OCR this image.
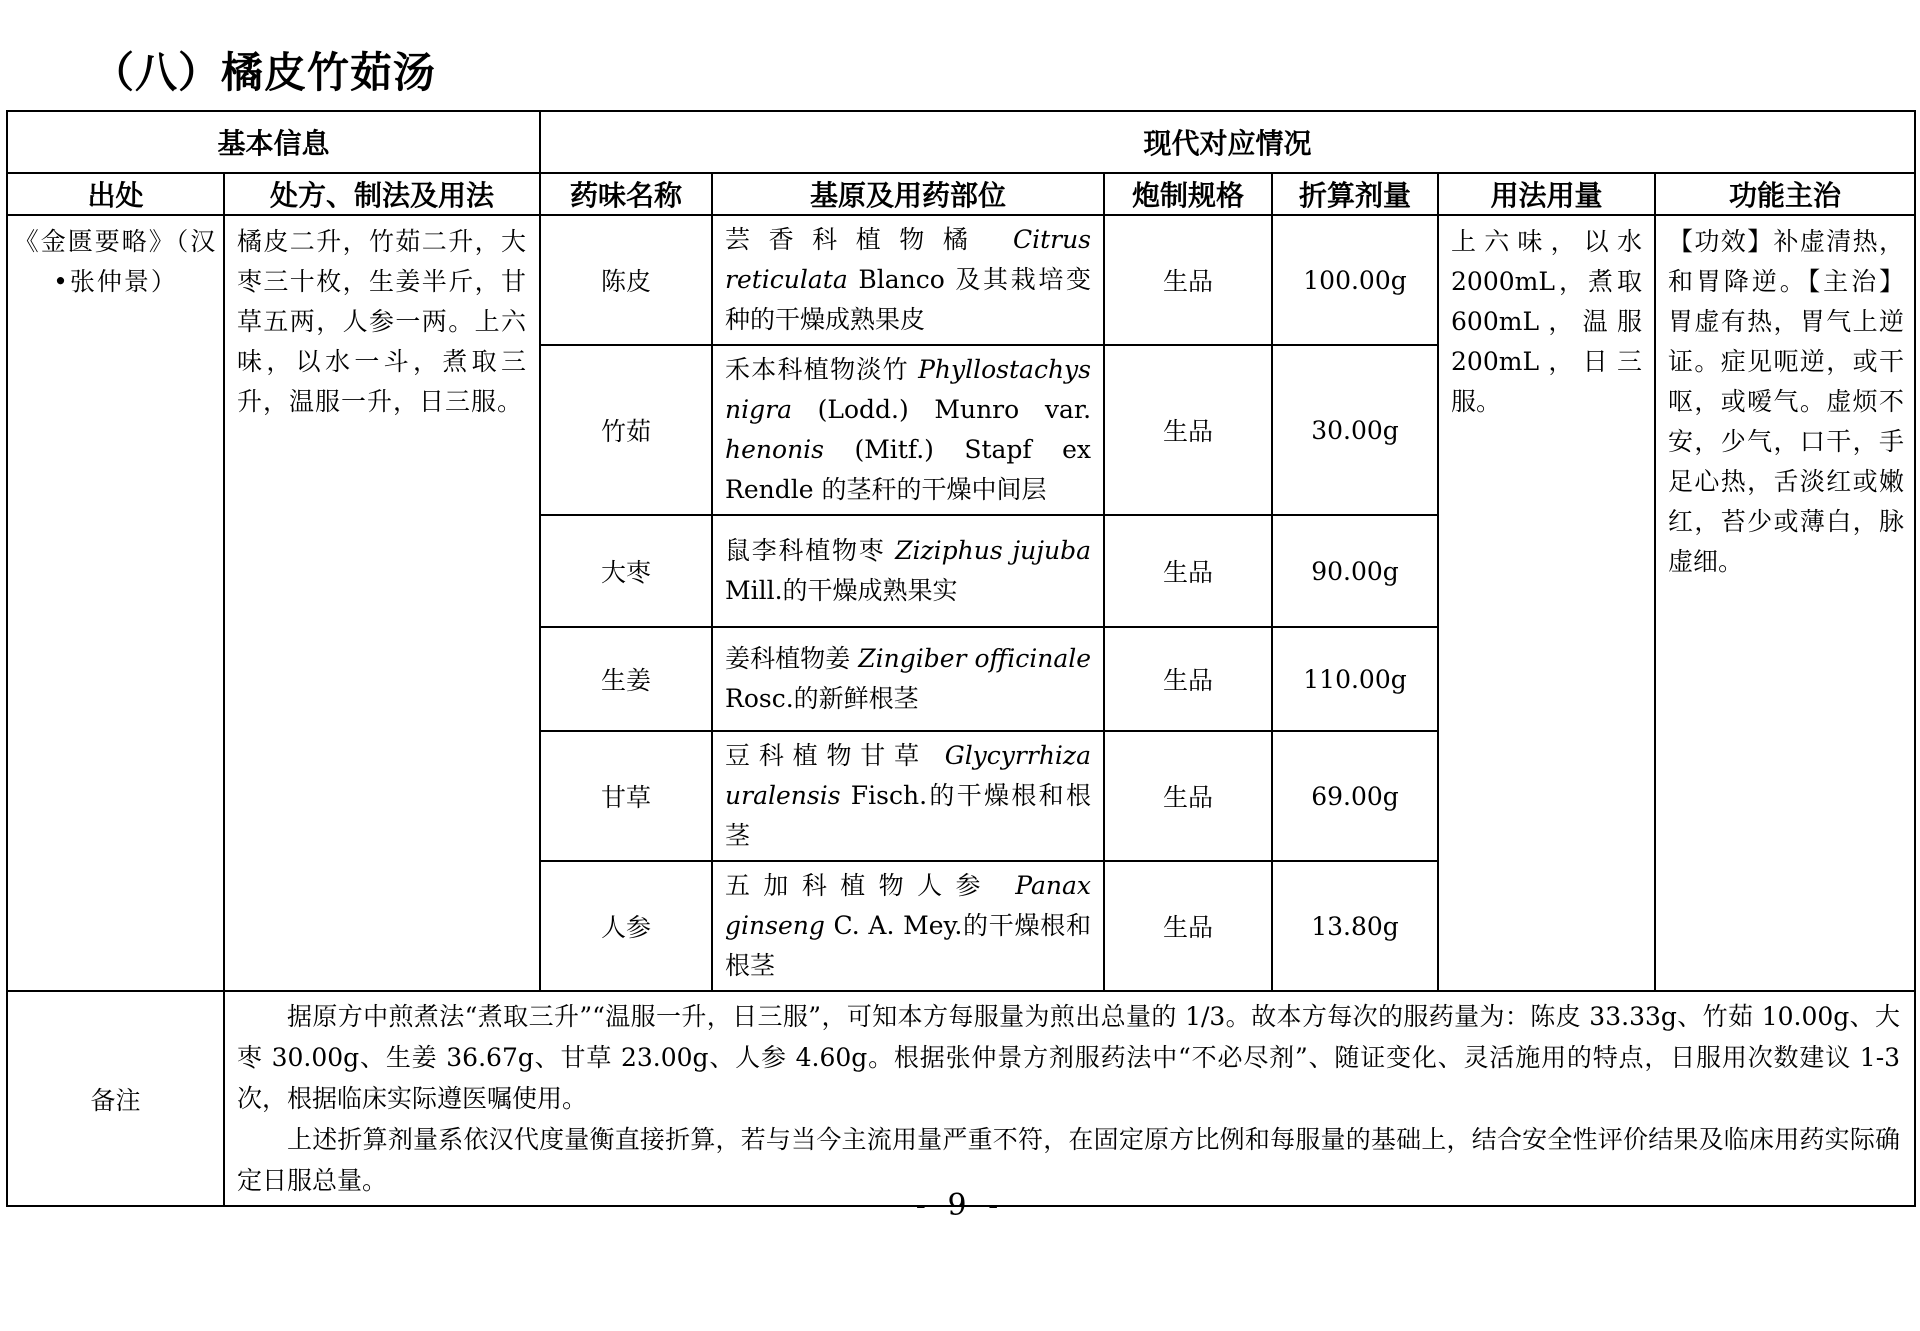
（八）橘皮竹茹汤
基本信息		现代对应情况					
出处	处方、制法及用法	药味名称	基原及用药部位	炮制规格	折算剂量	用法用量	功能主治
《金匮要略》（汉•张仲景）	橘皮二升，竹茹二升，大枣三十枚，生姜半斤，甘草五两，人参一两。上六味，以水一斗，煮取三升，温服一升，日三服。	陈皮	芸香科植物橘 Citrus reticulata Blanco 及其栽培变种的干燥成熟果皮	生品	100.00g	上六味，以水2000mL，煮取600mL，温服200mL，日三服。	【功效】补虚清热，和胃降逆。【主治】胃虚有热，胃气上逆证。症见呃逆，或干呕，或嗳气。虚烦不安，少气，口干，手足心热，舌淡红或嫩红，苔少或薄白，脉虚细。
		竹茹	禾本科植物淡竹 Phyllostachys nigra (Lodd.) Munro var. henonis (Mitf.) Stapf ex Rendle 的茎秆的干燥中间层	生品	30.00g		
		大枣	鼠李科植物枣 Ziziphus jujuba Mill.的干燥成熟果实	生品	90.00g		
		生姜	姜科植物姜 Zingiber officinale Rosc.的新鲜根茎	生品	110.00g		
		甘草	豆科植物甘草 Glycyrrhiza uralensis Fisch.的干燥根和根茎	生品	69.00g		
		人参	五加科植物人参 Panax ginseng C. A. Mey.的干燥根和根茎	生品	13.80g		
备注	据原方中煎煮法“煮取三升”“温服一升，日三服”，可知本方每服量为煎出总量的 1/3。故本方每次的服药量为：陈皮 33.33g、竹茹 10.00g、大枣 30.00g、生姜 36.67g、甘草 23.00g、人参 4.60g。根据张仲景方剂服药法中“不必尽剂”、随证变化、灵活施用的特点，日服用次数建议 1-3 次，根据临床实际遵医嘱使用。

上述折算剂量系依汉代度量衡直接折算，若与当今主流用量严重不符，在固定原方比例和每服量的基础上，结合安全性评价结果及临床用药实际确定日服总量。						

- 9 -
